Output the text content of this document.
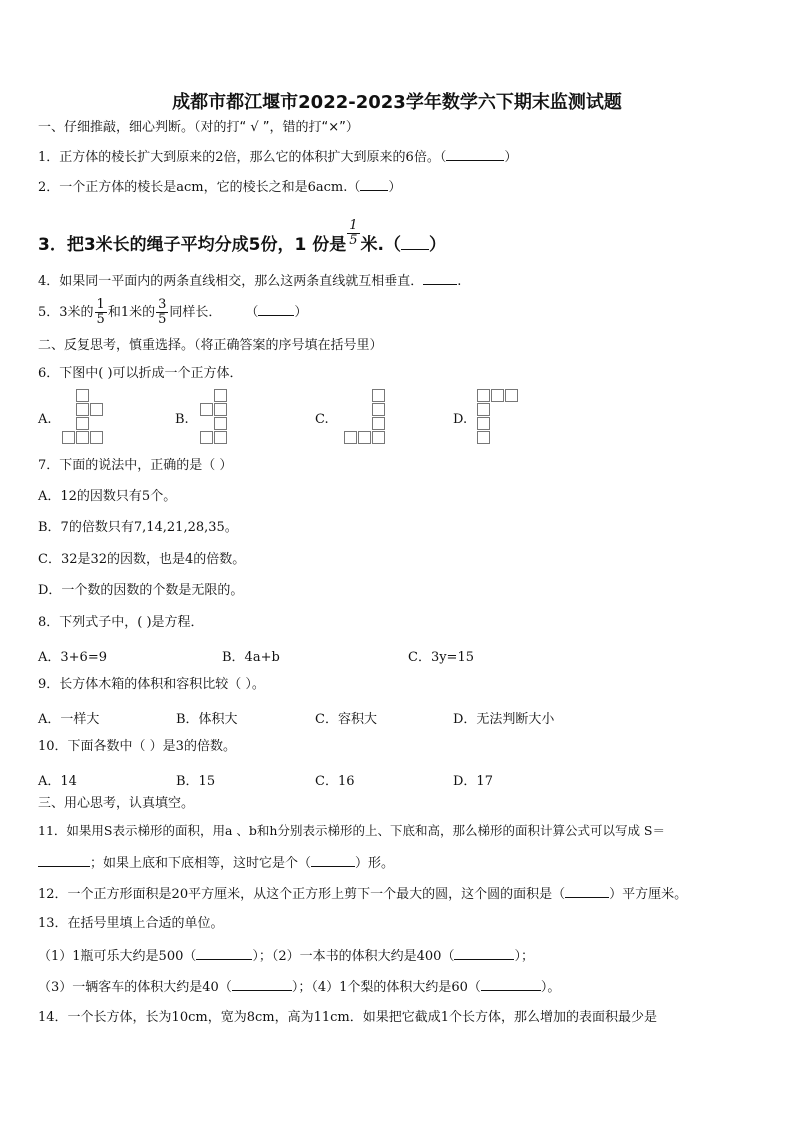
成都市都江堰市2022-2023学年数学六下期末监测试题
一、仔细推敲，细心判断。（对的打“ √ ”，错的打“×”）
1．正方体的棱长扩大到原来的2倍，那么它的体积扩大到原来的6倍。（	）
2．一个正方体的棱长是acm，它的棱长之和是6acm.（ ）
3．把3米长的绳子平均分成5份，1 份是 $\frac{1}{5}$ 米.（ ）
4．如果同一平面内的两条直线相交，那么这两条直线就互相垂直．	.
5．3米的 $\frac{1}{5}$ 和1米的 $\frac{3}{5}$ 同样长． （	）
二、反复思考，慎重选择。（将正确答案的序号填在括号里）
6．下图中( )可以折成一个正方体．
A.	B.	C.	D.
7．下面的说法中，正确的是（ ）
A．12的因数只有5个。
B．7的倍数只有7,14,21,28,35。
C．32是32的因数，也是4的倍数。
D．一个数的因数的个数是无限的。
8．下列式子中，( )是方程．
A．3+6=9	B．4a+b	C．3y=15
9．长方体木箱的体积和容积比较（ ）。
A．一样大	B．体积大	C．容积大	D．无法判断大小
10．下面各数中（ ）是3的倍数。
A．14	B．15	C．16	D．17
三、用心思考，认真填空。
11．如果用S表示梯形的面积，用a 、b和h分别表示梯形的上、下底和高，那么梯形的面积计算公式可以写成 S＝
；如果上底和下底相等，这时它是个（	）形。
12．一个正方形面积是20平方厘米，从这个正方形上剪下一个最大的圆，这个圆的面积是（	）平方厘米。
13．在括号里填上合适的单位。
（1）1瓶可乐大约是500（	）；（2）一本书的体积大约是400（	）；
（3）一辆客车的体积大约是40（	）；（4）1个梨的体积大约是60（	）。
14．一个长方体，长为10cm，宽为8cm，高为11cm．如果把它截成1个长方体，那么增加的表面积最少是
